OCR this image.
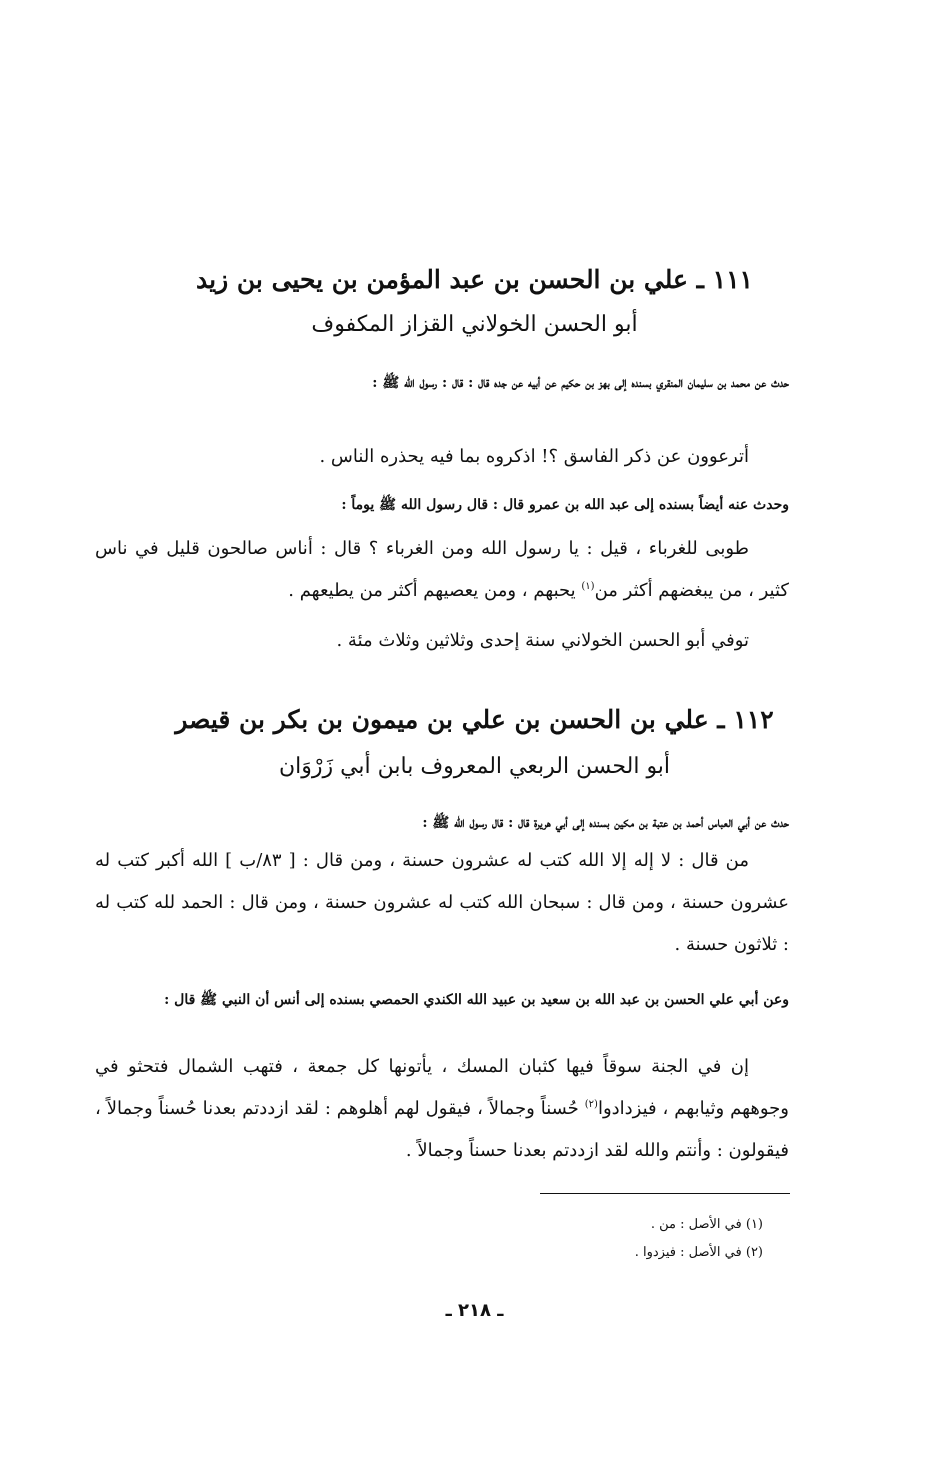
١١١ ـ علي بن الحسن بن عبد المؤمن بن يحيى بن زيد
أبو الحسن الخولاني القزاز المكفوف
حدث عن محمد بن سليمان المنقري بسنده إلى بهز بن حكيم عن أبيه عن جده قال : قال : رسول الله ﷺ :
أترعوون عن ذكر الفاسق ؟! اذكروه بما فيه يحذره الناس .
وحدث عنه أيضاً بسنده إلى عبد الله بن عمرو قال : قال رسول الله ﷺ يوماً :
طوبى للغرباء ، قيل : يا رسول الله ومن الغرباء ؟ قال : أناس صالحون قليل في ناس كثير ، من يبغضهم أكثر من$^{(١)}$ يحبهم ، ومن يعصيهم أكثر من يطيعهم .
توفي أبو الحسن الخولاني سنة إحدى وثلاثين وثلاث مئة .
١١٢ ـ علي بن الحسن بن علي بن ميمون بن بكر بن قيصر
أبو الحسن الربعي المعروف بابن أبي زَرْوَان
حدث عن أبي العباس أحمد بن عتبة بن مكين بسنده إلى أبي هريرة قال : قال رسول الله ﷺ :
من قال : لا إله إلا الله كتب له عشرون حسنة ، ومن قال : [ ٨٣/ب ] الله أكبر كتب له عشرون حسنة ، ومن قال : سبحان الله كتب له عشرون حسنة ، ومن قال : الحمد لله كتب له : ثلاثون حسنة .
وعن أبي علي الحسن بن عبد الله بن سعيد بن عبيد الله الكندي الحمصي بسنده إلى أنس أن النبي ﷺ قال :
إن في الجنة سوقاً فيها كثبان المسك ، يأتونها كل جمعة ، فتهب الشمال فتحثو في وجوههم وثيابهم ، فيزدادوا$^{(٢)}$ حُسناً وجمالاً ، فيقول لهم أهلوهم : لقد ازددتم بعدنا حُسناً وجمالاً ، فيقولون : وأنتم والله لقد ازددتم بعدنا حسناً وجمالاً .
(١) في الأصل : من .
(٢) في الأصل : فيزدوا .
ـ ٢١٨ ـ
